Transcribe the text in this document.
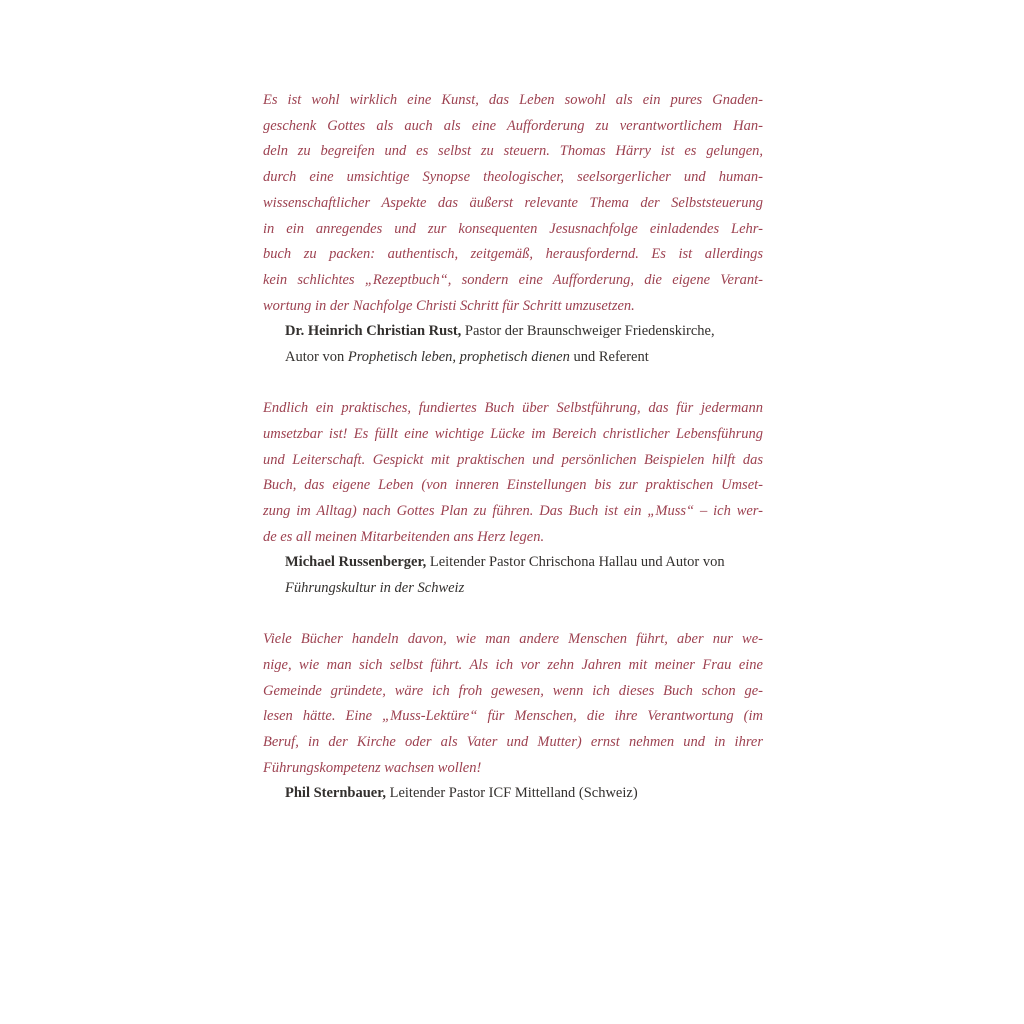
Es ist wohl wirklich eine Kunst, das Leben sowohl als ein pures Gnaden-
geschenk Gottes als auch als eine Aufforderung zu verantwortlichem Han-
deln zu begreifen und es selbst zu steuern. Thomas Härry ist es gelungen,
durch eine umsichtige Synopse theologischer, seelsorgerlicher und human-
wissenschaftlicher Aspekte das äußerst relevante Thema der Selbststeuerung
in ein anregendes und zur konsequenten Jesusnachfolge einladendes Lehr-
buch zu packen: authentisch, zeitgemäß, herausfordernd. Es ist allerdings
kein schlichtes „Rezeptbuch“, sondern eine Aufforderung, die eigene Verant-
wortung in der Nachfolge Christi Schritt für Schritt umzusetzen.
Dr. Heinrich Christian Rust, Pastor der Braunschweiger Friedenskirche,
Autor von Prophetisch leben, prophetisch dienen und Referent
Endlich ein praktisches, fundiertes Buch über Selbstführung, das für jedermann
umsetzbar ist! Es füllt eine wichtige Lücke im Bereich christlicher Lebensführung
und Leiterschaft. Gespickt mit praktischen und persönlichen Beispielen hilft das
Buch, das eigene Leben (von inneren Einstellungen bis zur praktischen Umset-
zung im Alltag) nach Gottes Plan zu führen. Das Buch ist ein „Muss“ – ich wer-
de es all meinen Mitarbeitenden ans Herz legen.
Michael Russenberger, Leitender Pastor Chrischona Hallau und Autor von
Führungskultur in der Schweiz
Viele Bücher handeln davon, wie man andere Menschen führt, aber nur we-
nige, wie man sich selbst führt. Als ich vor zehn Jahren mit meiner Frau eine
Gemeinde gründete, wäre ich froh gewesen, wenn ich dieses Buch schon ge-
lesen hätte. Eine „Muss-Lektüre“ für Menschen, die ihre Verantwortung (im
Beruf, in der Kirche oder als Vater und Mutter) ernst nehmen und in ihrer
Führungskompetenz wachsen wollen!
Phil Sternbauer, Leitender Pastor ICF Mittelland (Schweiz)
